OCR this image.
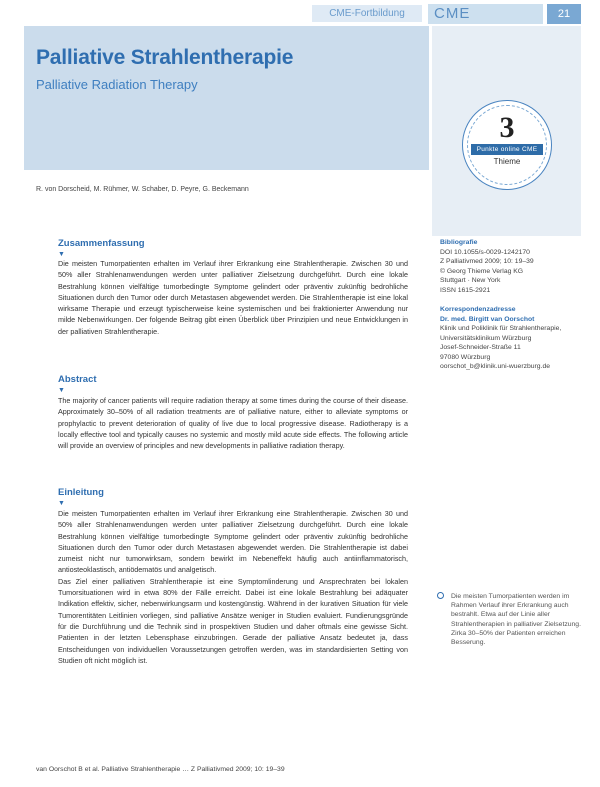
CME-Fortbildung	CME	21
Palliative Strahlentherapie
Palliative Radiation Therapy
3
Punkte online CME
Thieme
R. von Dorscheid, M. Rühmer, W. Schaber, D. Peyre, G. Beckemann
Zusammenfassung
▼
Die meisten Tumorpatienten erhalten im Verlauf ihrer Erkrankung eine Strahlentherapie. Zwischen 30 und 50% aller Strahlenanwendungen werden unter palliativer Zielsetzung durchgeführt. Durch eine lokale Bestrahlung können vielfältige tumorbedingte Symptome gelindert oder präventiv zukünftig bedrohliche Situationen durch den Tumor oder durch Metastasen abgewendet werden. Die Strahlentherapie ist eine lokal wirksame Therapie und erzeugt typischerweise keine systemischen und bei fraktionierter Anwendung nur milde Nebenwirkungen. Der folgende Beitrag gibt einen Überblick über Prinzipien und neue Entwicklungen in der palliativen Strahlentherapie.
Abstract
▼
The majority of cancer patients will require radiation therapy at some times during the course of their disease. Approximately 30–50% of all radiation treatments are of palliative nature, either to alleviate symptoms or prophylactic to prevent deterioration of quality of live due to local progressive disease. Radiotherapy is a locally effective tool and typically causes no systemic and mostly mild acute side effects. The following article will provide an overview of principles and new developments in palliative radiation therapy.
Einleitung
▼
Die meisten Tumorpatienten erhalten im Verlauf ihrer Erkrankung eine Strahlentherapie. Zwischen 30 und 50% aller Strahlenanwendungen werden unter palliativer Zielsetzung durchgeführt. Durch eine lokale Bestrahlung können vielfältige tumorbedingte Symptome gelindert oder präventiv zukünftig bedrohliche Situationen durch den Tumor oder durch Metastasen abgewendet werden. Die Strahlentherapie ist dabei zumeist nicht nur tumorwirksam, sondern bewirkt im Nebeneffekt häufig auch antiinflammatorisch, antiosteoklastisch, antiödematös und analgetisch.
Das Ziel einer palliativen Strahlentherapie ist eine Symptomlinderung und Ansprechraten bei lokalen Tumorsituationen wird in etwa 80% der Fälle erreicht. Dabei ist eine lokale Bestrahlung bei adäquater Indikation effektiv, sicher, nebenwirkungsarm und kostengünstig. Während in der kurativen Situation für viele Tumorentitäten Leitlinien vorliegen, sind palliative Ansätze weniger in Studien evaluiert. Fundierungsgründe für die Durchführung und die Technik sind in prospektiven Studien und daher oftmals eine gewisse Sicht. Patienten in der letzten Lebensphase einzubringen. Gerade der palliative Ansatz bedeutet ja, dass Entscheidungen von individuellen Voraussetzungen getroffen werden, was im standardisierten Setting von Studien oft nicht möglich ist.
Bibliografie
DOI 10.1055/s-0029-1242170
Z Palliativmed 2009; 10: 19–39
© Georg Thieme Verlag KG
Stuttgart · New York
ISSN 1615-2921
Korrespondenzadresse
Dr. med. Birgitt van Oorschot
Klinik und Poliklinik für Strahlentherapie, Universitätsklinikum Würzburg
Josef-Schneider-Straße 11
97080 Würzburg
oorschot_b@klinik.uni-wuerzburg.de
Die meisten Tumorpatienten werden im Rahmen Verlauf ihrer Erkrankung auch bestrahlt. Etwa auf der Linie aller Strahlentherapien in palliativer Zielsetzung. Zirka 30–50% der Patienten erreichen Besserung.
van Oorschot B et al. Palliative Strahlentherapie … Z Palliativmed 2009; 10: 19–39
